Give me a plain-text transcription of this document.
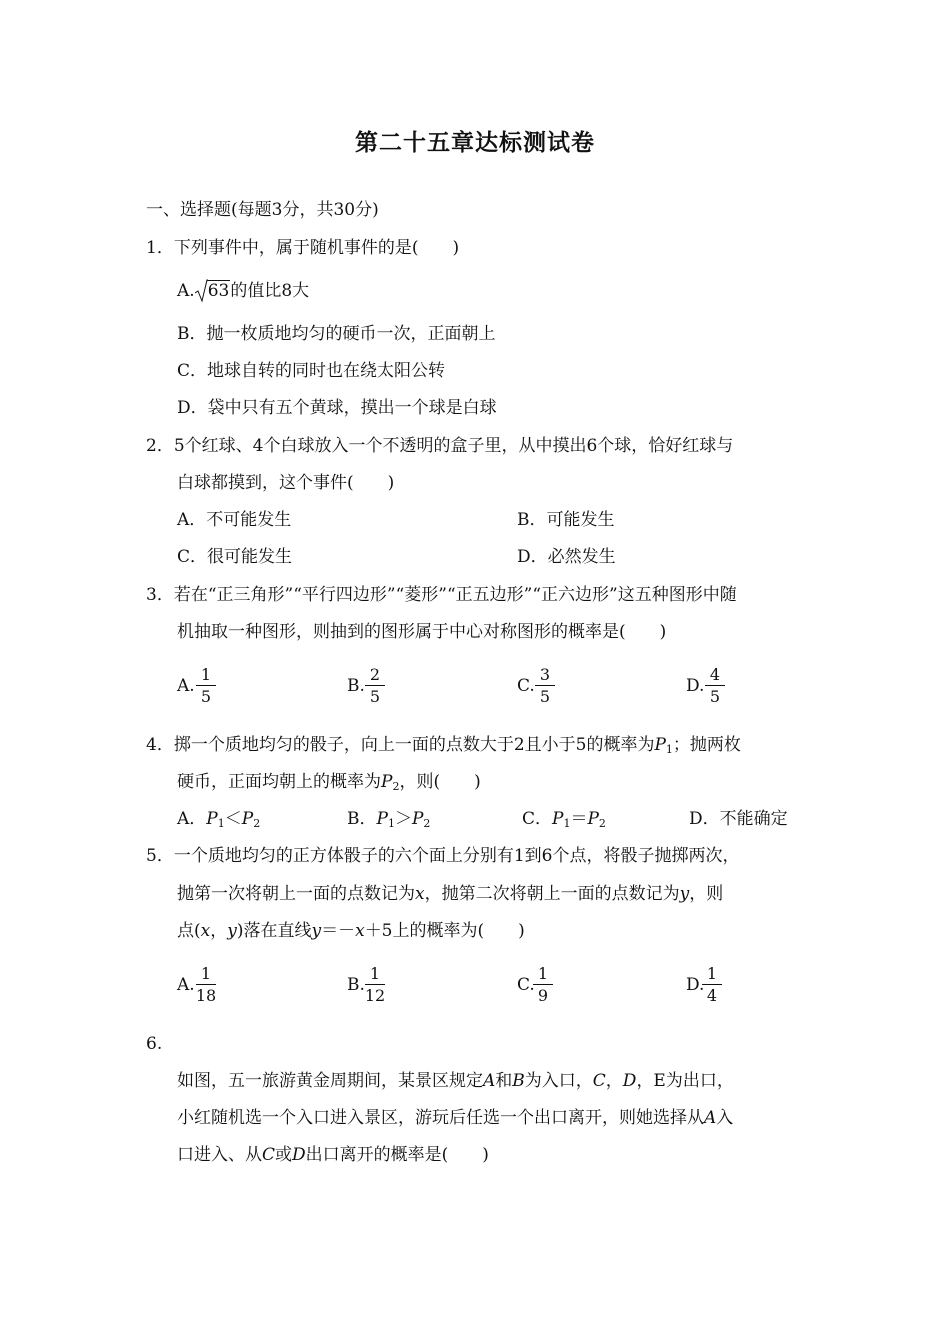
第二十五章达标测试卷
一、选择题(每题3分，共30分)
1．下列事件中，属于随机事件的是(　　)
A. 63的值比8大
B．抛一枚质地均匀的硬币一次，正面朝上
C．地球自转的同时也在绕太阳公转
D．袋中只有五个黄球，摸出一个球是白球
2．5个红球、4个白球放入一个不透明的盒子里，从中摸出6个球，恰好红球与
白球都摸到，这个事件(　　)
A．不可能发生	B．可能发生
C．很可能发生	D．必然发生
3．若在“正三角形”“平行四边形”“菱形”“正五边形”“正六边形”这五种图形中随
机抽取一种图形，则抽到的图形属于中心对称图形的概率是(　　)
A.
1
5
B.
2
5
C.
3
5
D.
4
5
4．掷一个质地均匀的骰子，向上一面的点数大于2且小于5的概率为$P_1$；抛两枚
硬币，正面均朝上的概率为$P_2$，则(　　)
A．$P_1<P_2$	B．$P_1>P_2$	C．$P_1=P_2$	D．不能确定
5．一个质地均匀的正方体骰子的六个面上分别有1到6个点，将骰子抛掷两次，
抛第一次将朝上一面的点数记为x，抛第二次将朝上一面的点数记为y，则
点(x，y)落在直线y＝－x＋5上的概率为(　　)
A.
1
18
B.
1
12
C.
1
9
D.
1
4
6.
如图，五一旅游黄金周期间，某景区规定A和B为入口，C，D，E为出口，
小红随机选一个入口进入景区，游玩后任选一个出口离开，则她选择从A入
口进入、从C或D出口离开的概率是(　　)
